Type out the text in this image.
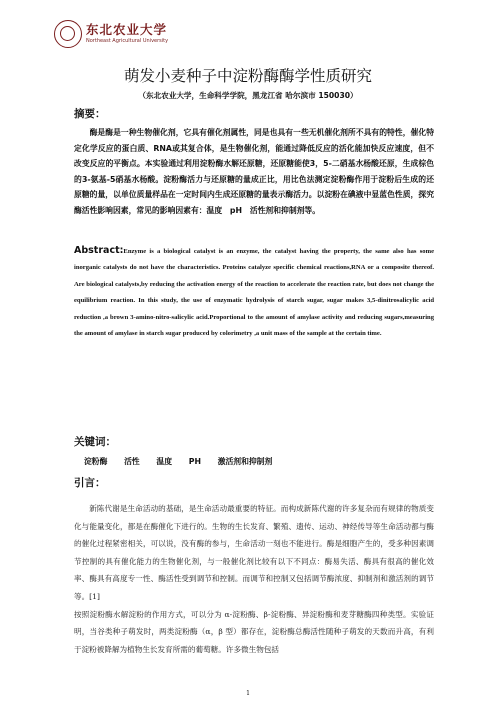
东北农业大学
Northeast Agricultural University
萌发小麦种子中淀粉酶酶学性质研究
（东北农业大学，生命科学学院，黑龙江省 哈尔滨市 150030）
摘要：
酶是酶是一种生物催化剂，它具有催化剂属性，同是也具有一些无机催化剂所不具有的特性，催化特定化学反应的蛋白质、RNA或其复合体，是生物催化剂，能通过降低反应的活化能加快反应速度，但不改变反应的平衡点。本实验通过利用淀粉酶水解还原糖，还原糖能使3，5-二硝基水杨酸还原，生成棕色的3-氨基-5硝基水杨酸。淀粉酶活力与还原糖的量成正比，用比色法测定淀粉酶作用于淀粉后生成的还原糖的量，以单位质量样品在一定时间内生成还原糖的量表示酶活力。以淀粉在碘液中显蓝色性质，探究酶活性影响因素，常见的影响因素有：温度　pH　活性剂和抑制剂等。
Abstract:Enzyme is a biological catalyst is an enzyme, the catalyst having the property, the same also has some inorganic catalysts do not have the characteristics. Proteins catalyze specific chemical reactions,RNA or a composite thereof. Are biological catalysts,by reducing the activation energy of the reaction to accelerate the reaction rate, but does not change the equilibrium reaction. In this study, the use of enzymatic hydrolysis of starch sugar, sugar makes 3,5-dinitrosalicylic acid reduction ,a brown 3-amino-nitro-salicylic acid.Proportional to the amount of amylase activity and reducing sugars,measuring the amount of amylase in starch sugar produced by colorimetry ,a unit mass of the sample at the certain time.
关键词：
淀粉酶 活性 温度 PH 激活剂和抑制剂
引言：

新陈代谢是生命活动的基础，是生命活动最重要的特征。而构成新陈代谢的许多复杂而有规律的物质变化与能量变化，都是在酶催化下进行的。生物的生长发育、繁殖、遗传、运动、神经传导等生命活动都与酶的催化过程紧密相关，可以说，没有酶的参与，生命活动一刻也不能进行。酶是细胞产生的，受多种因素调节控制的具有催化能力的生物催化剂，与一般催化剂比较有以下不同点：酶易失活、酶具有很高的催化效率、酶具有高度专一性、酶活性受到调节和控制。而调节和控制又包括调节酶浓度、抑制剂和激活剂的调节等。[1]

按照淀粉酶水解淀粉的作用方式，可以分为 α-淀粉酶、β-淀粉酶、异淀粉酶和麦芽糖酶四种类型。实验证明，当谷类种子萌发时，两类淀粉酶（α，β 型）都存在，淀粉酶总酶活性随种子萌发的天数而升高，有利于淀粉被降解为植物生长发育所需的葡萄糖。许多微生物包括

1
